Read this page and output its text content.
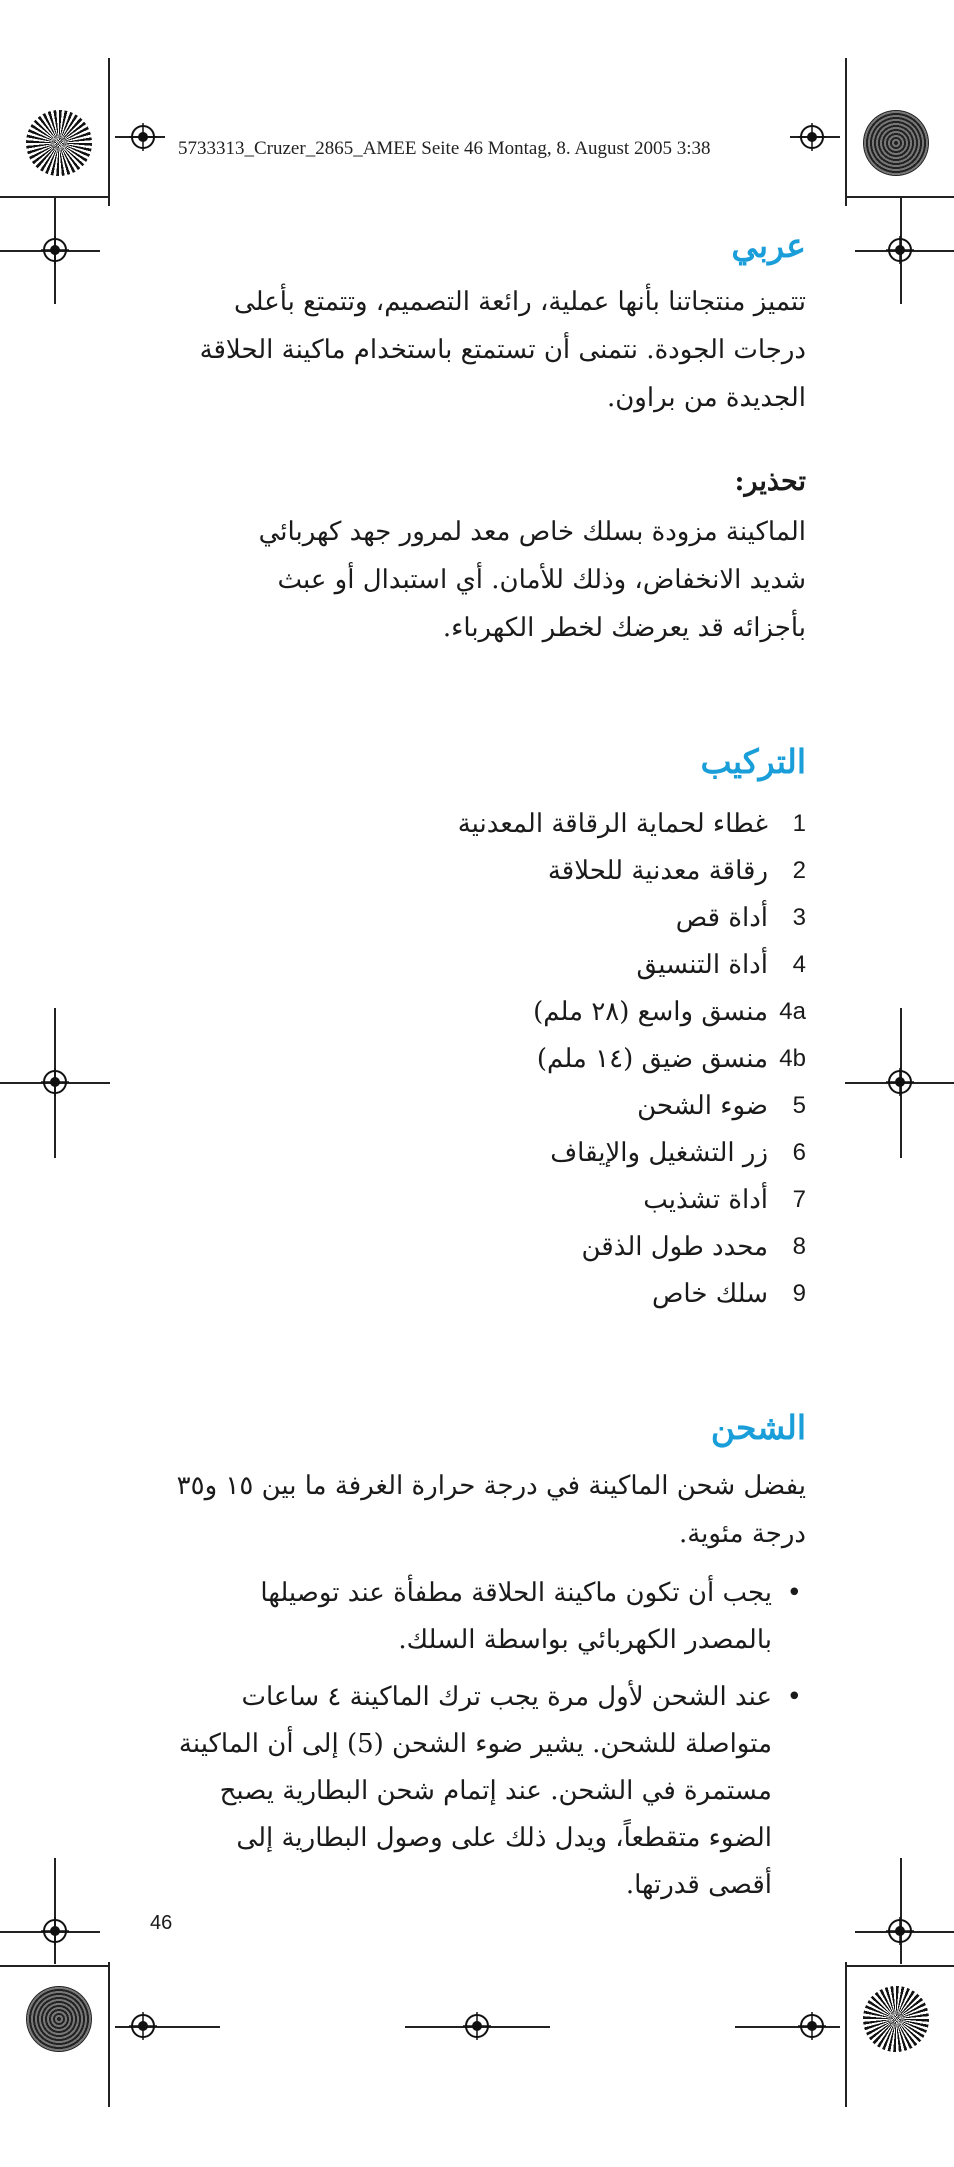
5733313_Cruzer_2865_AMEE Seite 46 Montag, 8. August 2005 3:38
عربي

تتميز منتجاتنا بأنها عملية، رائعة التصميم، وتتمتع بأعلى درجات الجودة. نتمنى أن تستمتع باستخدام ماكينة الحلاقة الجديدة من براون.

تحذير:

الماكينة مزودة بسلك خاص معد لمرور جهد كهربائي شديد الانخفاض، وذلك للأمان. أي استبدال أو عبث بأجزائه قد يعرضك لخطر الكهرباء.

التركيب
1
غطاء لحماية الرقاقة المعدنية
2
رقاقة معدنية للحلاقة
3
أداة قص
4
أداة التنسيق
4a
منسق واسع (٢٨ ملم)
4b
منسق ضيق (١٤ ملم)
5
ضوء الشحن
6
زر التشغيل والإيقاف
7
أداة تشذيب
8
محدد طول الذقن
9
سلك خاص
الشحن

يفضل شحن الماكينة في درجة حرارة الغرفة ما بين ١٥ و٣٥ درجة مئوية.

•
يجب أن تكون ماكينة الحلاقة مطفأة عند توصيلها بالمصدر الكهربائي بواسطة السلك.
•
عند الشحن لأول مرة يجب ترك الماكينة ٤ ساعات متواصلة للشحن. يشير ضوء الشحن (5) إلى أن الماكينة مستمرة في الشحن. عند إتمام شحن البطارية يصبح الضوء متقطعاً، ويدل ذلك على وصول البطارية إلى أقصى قدرتها.
46
